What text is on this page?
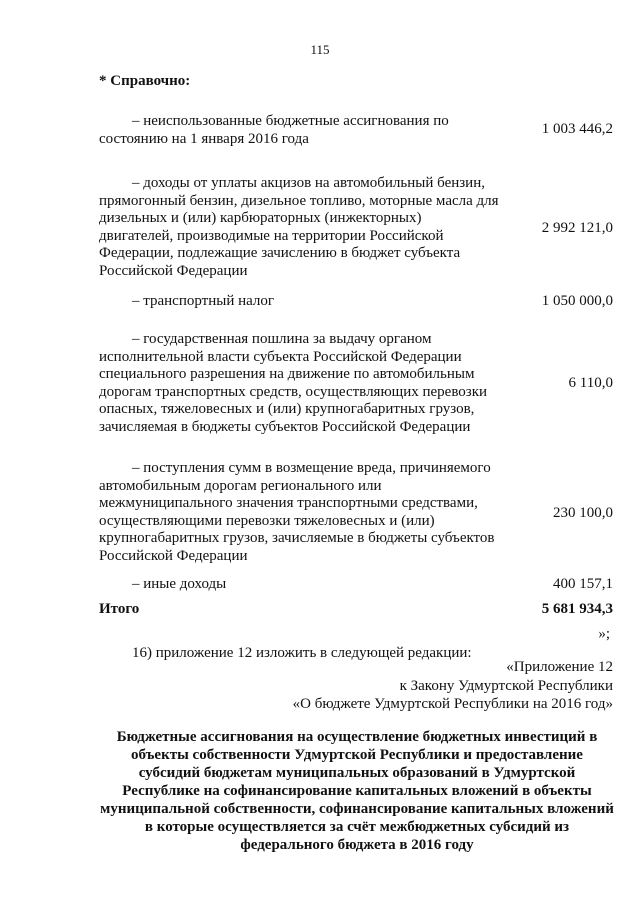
115
* Справочно:
– неиспользованные бюджетные ассигнования по состоянию на 1 января 2016 года
1 003 446,2
– доходы от уплаты акцизов на автомобильный бензин, прямогонный бензин, дизельное топливо, моторные масла для дизельных и (или) карбюраторных (инжекторных) двигателей, производимые на территории Российской Федерации, подлежащие зачислению в бюджет субъекта Российской Федерации
2 992 121,0
– транспортный налог	1 050 000,0
– государственная пошлина за выдачу органом исполнительной власти субъекта Российской Федерации специального разрешения на движение по автомобильным дорогам транспортных средств, осуществляющих перевозки опасных, тяжеловесных и (или) крупногабаритных грузов, зачисляемая в бюджеты субъектов Российской Федерации
6 110,0
– поступления сумм в возмещение вреда, причиняемого автомобильным дорогам регионального или межмуниципального значения транспортными средствами, осуществляющими перевозки тяжеловесных и (или) крупногабаритных грузов, зачисляемые в бюджеты субъектов Российской Федерации
230 100,0
– иные доходы	400 157,1
Итого	5 681 934,3
»;
16) приложение 12 изложить в следующей редакции:
«Приложение 12
к Закону Удмуртской Республики
«О бюджете Удмуртской Республики на 2016 год»
Бюджетные ассигнования на осуществление бюджетных инвестиций в объекты собственности Удмуртской Республики и предоставление субсидий бюджетам муниципальных образований в Удмуртской Республике на софинансирование капитальных вложений в объекты муниципальной собственности, софинансирование капитальных вложений в которые осуществляется за счёт межбюджетных субсидий из федерального бюджета в 2016 году
